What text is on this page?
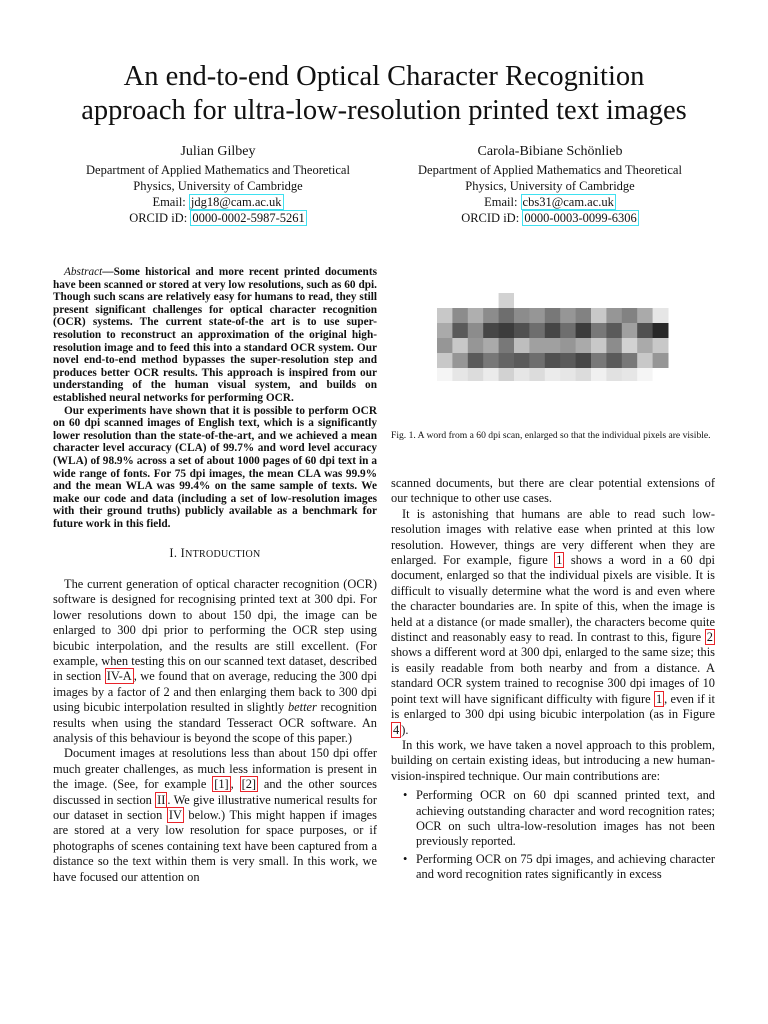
An end-to-end Optical Character Recognition
approach for ultra-low-resolution printed text images
Julian Gilbey
Department of Applied Mathematics and Theoretical
Physics, University of Cambridge
Email: jdg18@cam.ac.uk
ORCID iD: 0000-0002-5987-5261
Carola-Bibiane Schönlieb
Department of Applied Mathematics and Theoretical
Physics, University of Cambridge
Email: cbs31@cam.ac.uk
ORCID iD: 0000-0003-0099-6306

Abstract—Some historical and more recent printed documents have been scanned or stored at very low resolutions, such as 60 dpi. Though such scans are relatively easy for humans to read, they still present significant challenges for optical character recognition (OCR) systems. The current state-of-the art is to use super-resolution to reconstruct an approximation of the original high-resolution image and to feed this into a standard OCR system. Our novel end-to-end method bypasses the super-resolution step and produces better OCR results. This approach is inspired from our understanding of the human visual system, and builds on established neural networks for performing OCR.

Our experiments have shown that it is possible to perform OCR on 60 dpi scanned images of English text, which is a significantly lower resolution than the state-of-the-art, and we achieved a mean character level accuracy (CLA) of 99.7% and word level accuracy (WLA) of 98.9% across a set of about 1000 pages of 60 dpi text in a wide range of fonts. For 75 dpi images, the mean CLA was 99.9% and the mean WLA was 99.4% on the same sample of texts. We make our code and data (including a set of low-resolution images with their ground truths) publicly available as a benchmark for future work in this field.

I. INTRODUCTION

The current generation of optical character recognition (OCR) software is designed for recognising printed text at 300 dpi. For lower resolutions down to about 150 dpi, the image can be enlarged to 300 dpi prior to performing the OCR step using bicubic interpolation, and the results are still excellent. (For example, when testing this on our scanned text dataset, described in section IV-A , we found that on average, reducing the 300 dpi images by a factor of 2 and then enlarging them back to 300 dpi using bicubic interpolation resulted in slightly better recognition results when using the standard Tesseract OCR software. An analysis of this behaviour is beyond the scope of this paper.)

Document images at resolutions less than about 150 dpi offer much greater challenges, as much less information is present in the image. (See, for example [1] , [2] and the other sources discussed in section II . We give illustrative numerical results for our dataset in section IV below.) This might happen if images are stored at a very low resolution for space purposes, or if photographs of scenes containing text have been captured from a distance so the text within them is very small. In this work, we have focused our attention on

Fig. 1. A word from a 60 dpi scan, enlarged so that the individual pixels are visible.

scanned documents, but there are clear potential extensions of our technique to other use cases.

It is astonishing that humans are able to read such low-resolution images with relative ease when printed at this low resolution. However, things are very different when they are enlarged. For example, figure 1 shows a word in a 60 dpi document, enlarged so that the individual pixels are visible. It is difficult to visually determine what the word is and even where the character boundaries are. In spite of this, when the image is held at a distance (or made smaller), the characters become quite distinct and reasonably easy to read. In contrast to this, figure 2 shows a different word at 300 dpi, enlarged to the same size; this is easily readable from both nearby and from a distance. A standard OCR system trained to recognise 300 dpi images of 10 point text will have significant difficulty with figure 1 , even if it is enlarged to 300 dpi using bicubic interpolation (as in Figure 4 ).

In this work, we have taken a novel approach to this problem, building on certain existing ideas, but introducing a new human-vision-inspired technique. Our main contributions are:

• Performing OCR on 60 dpi scanned printed text, and achieving outstanding character and word recognition rates; OCR on such ultra-low-resolution images has not been previously reported.
• Performing OCR on 75 dpi images, and achieving character and word recognition rates significantly in excess
